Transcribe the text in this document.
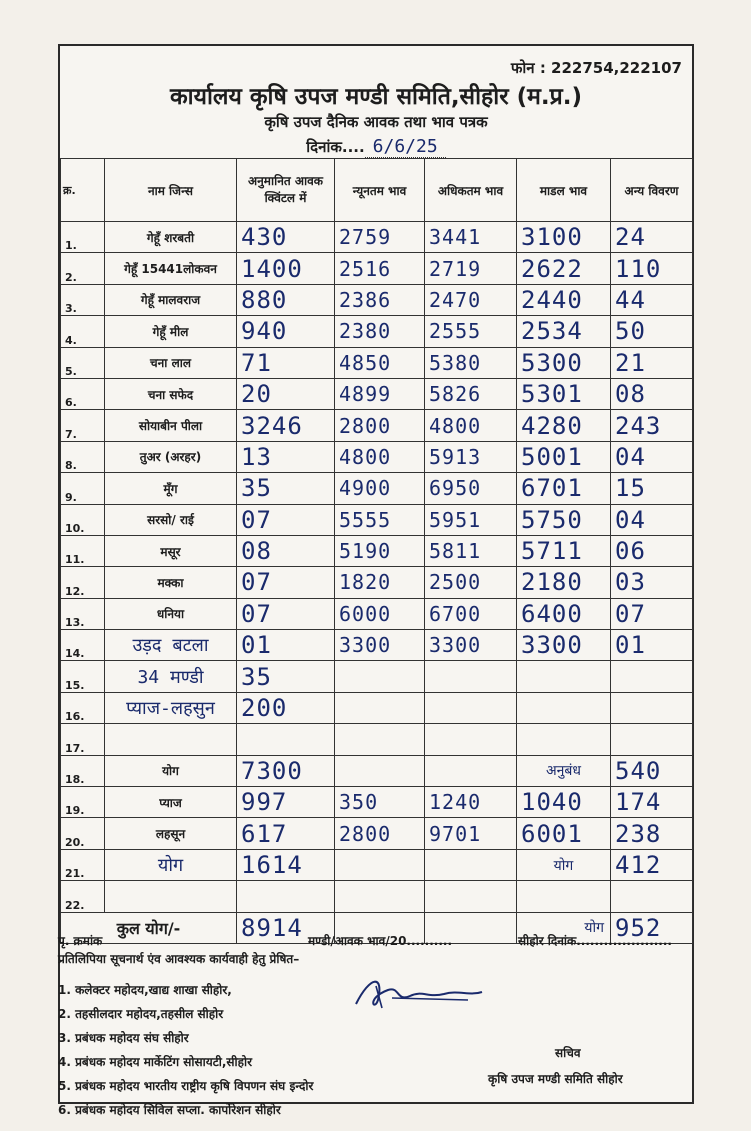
फोन : 222754,222107
कार्यालय कृषि उपज मण्डी समिति,सीहोर (म.प्र.)
कृषि उपज दैनिक आवक तथा भाव पत्रक
दिनांक.... 6/6/25
क्र.	नाम जिन्स	अनुमानित आवक क्विंटल में	न्यूनतम भाव	अधिकतम भाव	माडल भाव	अन्य विवरण
1.	गेहूँ शरबती	430	2759	3441	3100	24
2.	गेहूँ 15441लोकवन	1400	2516	2719	2622	110
3.	गेहूँ मालवराज	880	2386	2470	2440	44
4.	गेहूँ मील	940	2380	2555	2534	50
5.	चना लाल	71	4850	5380	5300	21
6.	चना सफेद	20	4899	5826	5301	08
7.	सोयाबीन पीला	3246	2800	4800	4280	243
8.	तुअर (अरहर)	13	4800	5913	5001	04
9.	मूँग	35	4900	6950	6701	15
10.	सरसो/ राई	07	5555	5951	5750	04
11.	मसूर	08	5190	5811	5711	06
12.	मक्का	07	1820	2500	2180	03
13.	धनिया	07	6000	6700	6400	07
14.	उड़द बटला	01	3300	3300	3300	01
15.	34 मण्डी	35				
16.	प्याज-लहसुन	200				
17.						
18.	योग	7300			अनुबंध	540
19.	प्याज	997	350	1240	1040	174
20.	लहसून	617	2800	9701	6001	238
21.	योग	1614			योग	412
22.						
कुल योग/-		8914			योग	952
पृ. क्रमांक	मण्डी/आवक भाव/20..........	सीहोर दिनांक.....................
प्रतिलिपिया सूचनार्थ एंव आवश्यक कार्यवाही हेतु प्रेषित–
1. कलेक्टर महोदय,खाद्य शाखा सीहोर,
2. तहसीलदार महोदय,तहसील सीहोर
3. प्रबंधक महोदय संघ सीहोर
4. प्रबंधक महोदय मार्केटिंग सोसायटी,सीहोर
5. प्रबंधक महोदय भारतीय राष्ट्रीय कृषि विपणन संघ इन्दोर
6. प्रबंधक महोदय सिविल सप्ला. कार्पोरेशन सीहोर
सचिव
कृषि उपज मण्डी समिति सीहोर
